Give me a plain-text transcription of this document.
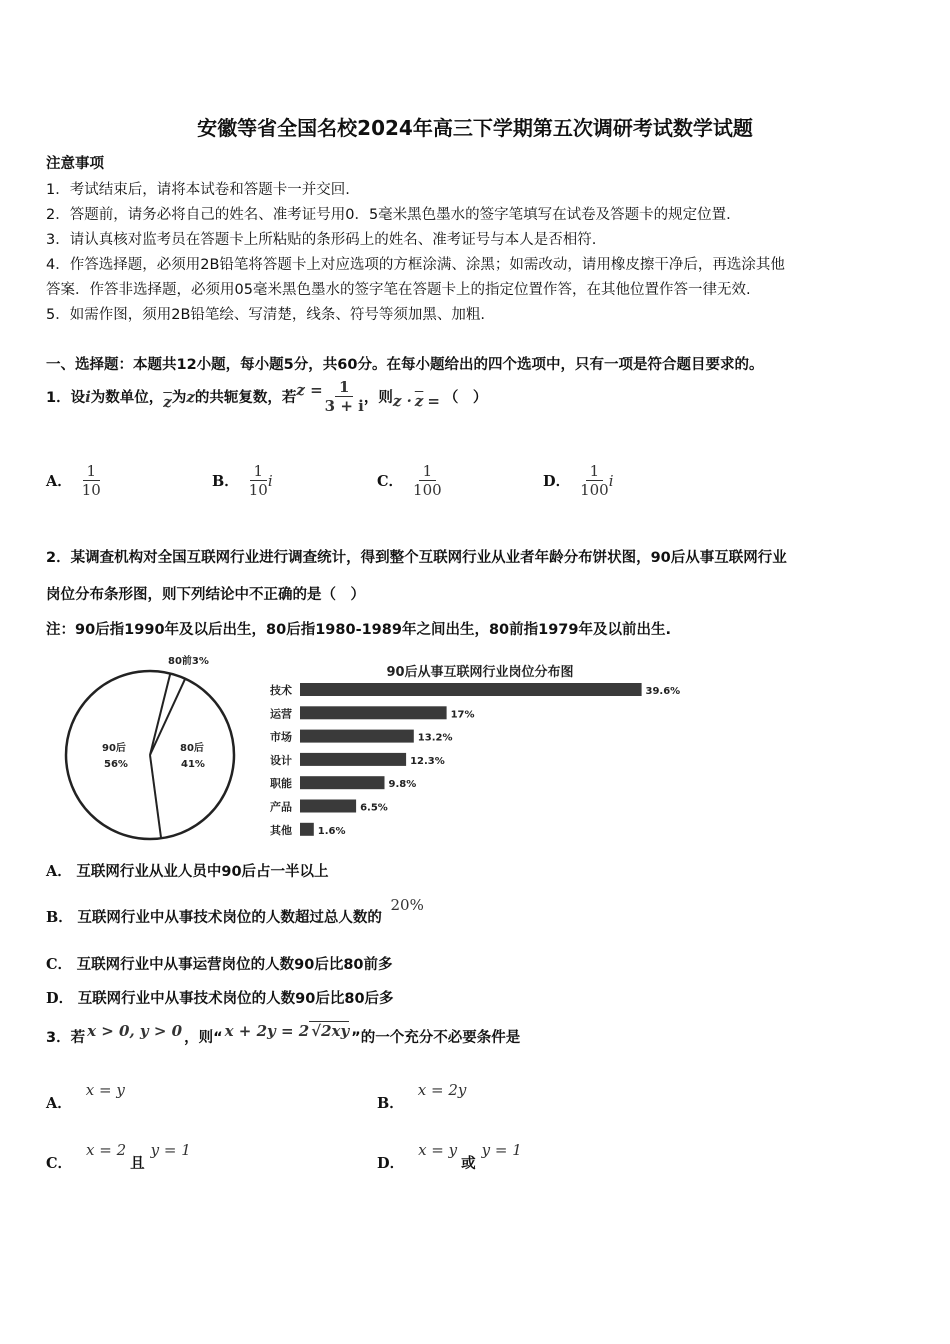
安徽等省全国名校2024年高三下学期第五次调研考试数学试题
注意事项
1．考试结束后，请将本试卷和答题卡一并交回.
2．答题前，请务必将自己的姓名、准考证号用0．5毫米黑色墨水的签字笔填写在试卷及答题卡的规定位置.
3．请认真核对监考员在答题卡上所粘贴的条形码上的姓名、准考证号与本人是否相符.
4．作答选择题，必须用2B铅笔将答题卡上对应选项的方框涂满、涂黑；如需改动，请用橡皮擦干净后，再选涂其他
答案．作答非选择题，必须用05毫米黑色墨水的签字笔在答题卡上的指定位置作答，在其他位置作答一律无效.
5．如需作图，须用2B铅笔绘、写清楚，线条、符号等须加黑、加粗.
一、选择题：本题共12小题，每小题5分，共60分。在每小题给出的四个选项中，只有一项是符合题目要求的。
1．设 i 为数单位， $\overline{z}$ 为 z 的共轭复数，若 $z = \frac{1}{3 + i}$ ，则 $z \cdot \overline{z}$ = （　）
A． $\frac{1}{10}$	B． $\frac{1}{10}$ i	C． $\frac{1}{100}$	D． $\frac{1}{100}$ i
2．某调查机构对全国互联网行业进行调查统计，得到整个互联网行业从业者年龄分布饼状图，90后从事互联网行业
岗位分布条形图，则下列结论中不正确的是（　）
注：90后指1990年及以后出生，80后指1980-1989年之间出生，80前指1979年及以前出生.
80前3%
90后
56%
80后
41%
90后从事互联网行业岗位分布图
技术	39.6%
运营	17%
市场	13.2%
设计	12.3%
职能	9.8%
产品	6.5%
其他	1.6%
A． 互联网行业从业人员中90后占一半以上
B． 互联网行业中从事技术岗位的人数超过总人数的 20%
C． 互联网行业中从事运营岗位的人数90后比80前多
D． 互联网行业中从事技术岗位的人数90后比80后多
3．若 x > 0, y > 0 ，则“ x + 2y = 2 √2xy ”的一个充分不必要条件是
A．
x = y
B．
x = 2y
C．
x = 2
且
y = 1
D．
x = y
或
y = 1
